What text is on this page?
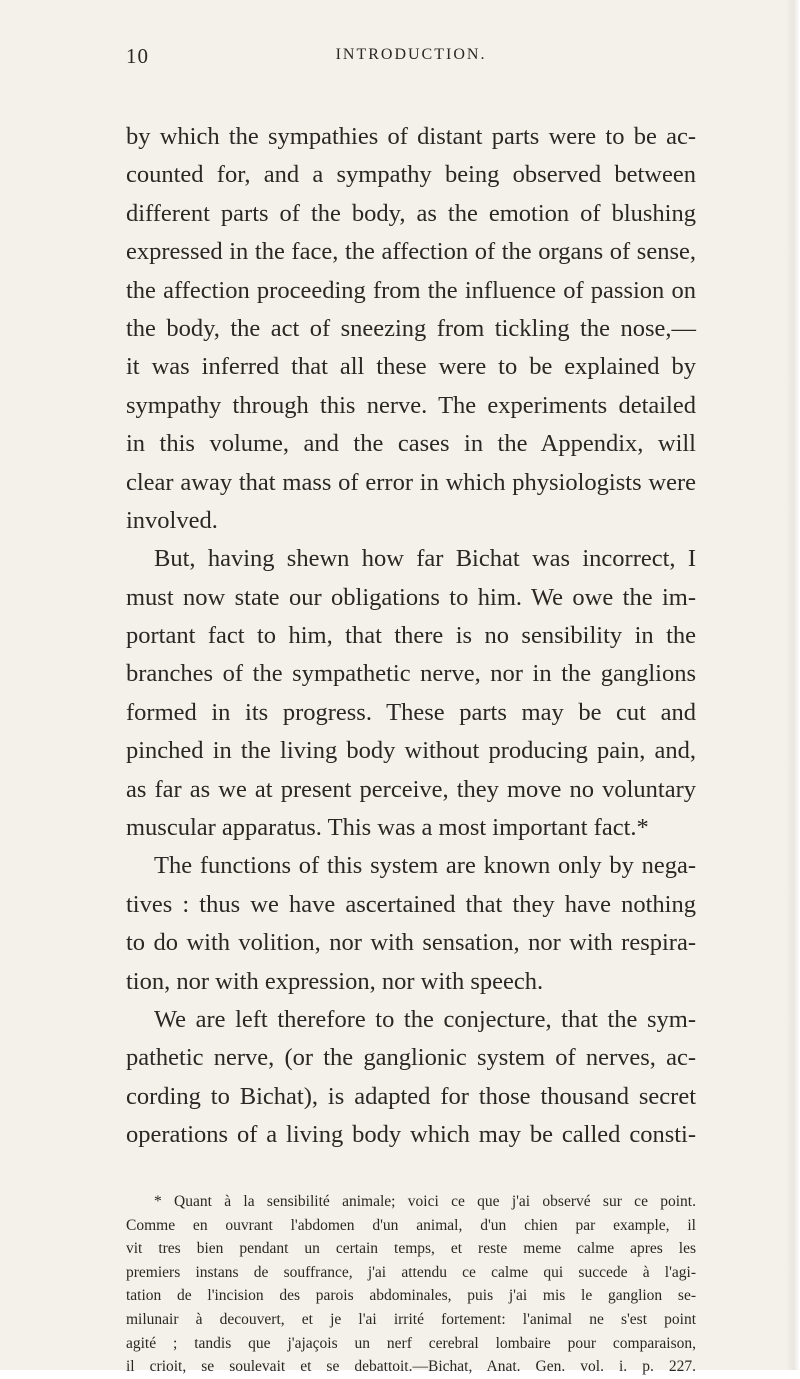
10	INTRODUCTION.
by which the sympathies of distant parts were to be ac-
counted for, and a sympathy being observed between
different parts of the body, as the emotion of blushing
expressed in the face, the affection of the organs of sense,
the affection proceeding from the influence of passion on
the body, the act of sneezing from tickling the nose,—
it was inferred that all these were to be explained by
sympathy through this nerve. The experiments detailed
in this volume, and the cases in the Appendix, will
clear away that mass of error in which physiologists were
involved.
But, having shewn how far Bichat was incorrect, I
must now state our obligations to him. We owe the im-
portant fact to him, that there is no sensibility in the
branches of the sympathetic nerve, nor in the ganglions
formed in its progress. These parts may be cut and
pinched in the living body without producing pain, and,
as far as we at present perceive, they move no voluntary
muscular apparatus. This was a most important fact.*
The functions of this system are known only by nega-
tives : thus we have ascertained that they have nothing
to do with volition, nor with sensation, nor with respira-
tion, nor with expression, nor with speech.
We are left therefore to the conjecture, that the sym-
pathetic nerve, (or the ganglionic system of nerves, ac-
cording to Bichat), is adapted for those thousand secret
operations of a living body which may be called consti-
* Quant à la sensibilité animale; voici ce que j'ai observé sur ce point.
Comme en ouvrant l'abdomen d'un animal, d'un chien par example, il
vit tres bien pendant un certain temps, et reste meme calme apres les
premiers instans de souffrance, j'ai attendu ce calme qui succede à l'agi-
tation de l'incision des parois abdominales, puis j'ai mis le ganglion se-
milunair à decouvert, et je l'ai irrité fortement: l'animal ne s'est point
agité ; tandis que j'ajaçois un nerf cerebral lombaire pour comparaison,
il crioit, se soulevait et se debattoit.—Bichat, Anat. Gen. vol. i. p. 227.
